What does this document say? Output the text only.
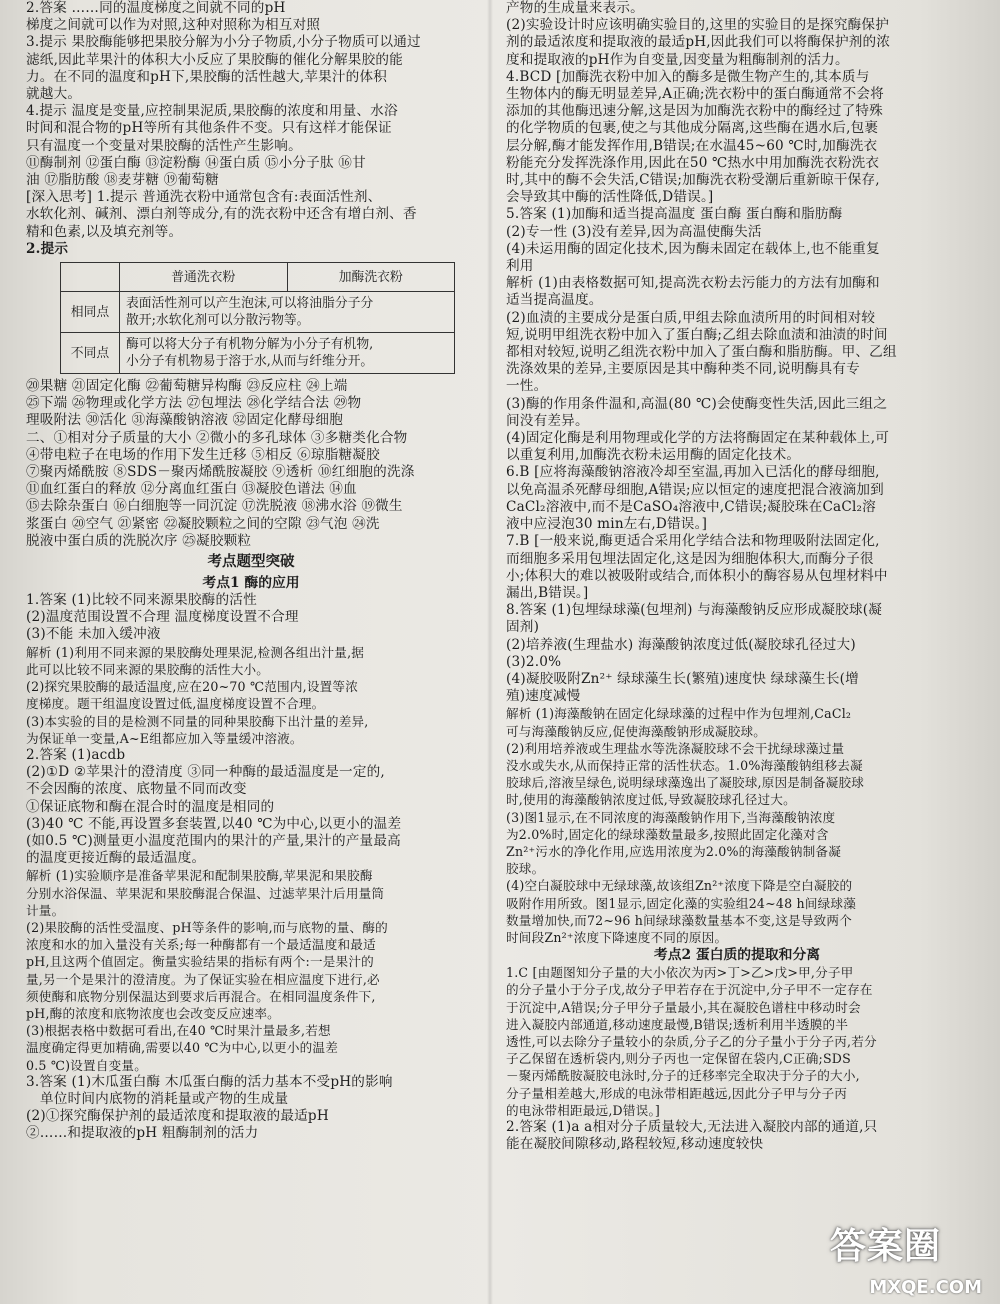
2.答案 ……同的温度梯度之间就不同的pH
梯度之间就可以作为对照,这种对照称为相互对照
3.提示 果胶酶能够把果胶分解为小分子物质,小分子物质可以通过
滤纸,因此苹果汁的体积大小反应了果胶酶的催化分解果胶的能
力。在不同的温度和pH下,果胶酶的活性越大,苹果汁的体积
就越大。
4.提示 温度是变量,应控制果泥质,果胶酶的浓度和用量、水浴
时间和混合物的pH等所有其他条件不变。只有这样才能保证
只有温度一个变量对果胶酶的活性产生影响。
⑪酶制剂 ⑫蛋白酶 ⑬淀粉酶 ⑭蛋白质 ⑮小分子肽 ⑯甘
油 ⑰脂肪酸 ⑱麦芽糖 ⑲葡萄糖
[深入思考] 1.提示 普通洗衣粉中通常包含有:表面活性剂、
水软化剂、碱剂、漂白剂等成分,有的洗衣粉中还含有增白剂、香
精和色素,以及填充剂等。
2.提示
	普通洗衣粉	加酶洗衣粉
相同点	表面活性剂可以产生泡沫,可以将油脂分子分
散开;水软化剂可以分散污物等。	

不同点	酶可以将大分子有机物分解为小分子有机物,
小分子有机物易于溶于水,从而与纤维分开。	
⑳果糖 ㉑固定化酶 ㉒葡萄糖异构酶 ㉓反应柱 ㉔上端
㉕下端 ㉖物理或化学方法 ㉗包埋法 ㉘化学结合法 ㉙物
理吸附法 ㉚活化 ㉛海藻酸钠溶液 ㉜固定化酵母细胞
二、①相对分子质量的大小 ②微小的多孔球体 ③多糖类化合物
④带电粒子在电场的作用下发生迁移 ⑤相反 ⑥琼脂糖凝胶
⑦聚丙烯酰胺 ⑧SDS－聚丙烯酰胺凝胶 ⑨透析 ⑩红细胞的洗涤
⑪血红蛋白的释放 ⑫分离血红蛋白 ⑬凝胶色谱法 ⑭血
⑮去除杂蛋白 ⑯白细胞等一同沉淀 ⑰洗脱液 ⑱沸水浴 ⑲微生
浆蛋白 ⑳空气 ㉑紧密 ㉒凝胶颗粒之间的空隙 ㉓气泡 ㉔洗
脱液中蛋白质的洗脱次序 ㉕凝胶颗粒
考点题型突破
考点1 酶的应用
1.答案 (1)比较不同来源果胶酶的活性
(2)温度范围设置不合理 温度梯度设置不合理
(3)不能 未加入缓冲液
解析 (1)利用不同来源的果胶酶处理果泥,检测各组出汁量,据
此可以比较不同来源的果胶酶的活性大小。
(2)探究果胶酶的最适温度,应在20~70 ℃范围内,设置等浓
度梯度。题干组温度设置过低,温度梯度设置不合理。
(3)本实验的目的是检测不同量的同种果胶酶下出汁量的差异,
为保证单一变量,A~E组都应加入等量缓冲溶液。
2.答案 (1)acdb
(2)①D ②苹果汁的澄清度 ③同一种酶的最适温度是一定的,
不会因酶的浓度、底物量不同而改变
①保证底物和酶在混合时的温度是相同的
(3)40 ℃ 不能,再设置多套装置,以40 ℃为中心,以更小的温差
(如0.5 ℃)测量更小温度范围内的果汁的产量,果汁的产量最高
的温度更接近酶的最适温度。
解析 (1)实验顺序是准备苹果泥和配制果胶酶,苹果泥和果胶酶
分别水浴保温、苹果泥和果胶酶混合保温、过滤苹果汁后用量筒
计量。
(2)果胶酶的活性受温度、pH等条件的影响,而与底物的量、酶的
浓度和水的加入量没有关系;每一种酶都有一个最适温度和最适
pH,且这两个值固定。衡量实验结果的指标有两个:一是果汁的
量,另一个是果汁的澄清度。为了保证实验在相应温度下进行,必
须使酶和底物分别保温达到要求后再混合。在相同温度条件下,
pH,酶的浓度和底物浓度也会改变反应速率。
(3)根据表格中数据可看出,在40 ℃时果汁量最多,若想
温度确定得更加精确,需要以40 ℃为中心,以更小的温差
0.5 ℃)设置自变量。
3.答案 (1)木瓜蛋白酶 木瓜蛋白酶的活力基本不受pH的影响
单位时间内底物的消耗量或产物的生成量
(2)①探究酶保护剂的最适浓度和提取液的最适pH
②……和提取液的pH 粗酶制剂的活力
产物的生成量来表示。
(2)实验设计时应该明确实验目的,这里的实验目的是探究酶保护
剂的最适浓度和提取液的最适pH,因此我们可以将酶保护剂的浓
度和提取液的pH作为自变量,因变量为粗酶制剂的活力。
4.BCD [加酶洗衣粉中加入的酶多是微生物产生的,其本质与
生物体内的酶无明显差异,A正确;洗衣粉中的蛋白酶通常不会将
添加的其他酶迅速分解,这是因为加酶洗衣粉中的酶经过了特殊
的化学物质的包裹,使之与其他成分隔离,这些酶在遇水后,包裹
层分解,酶才能发挥作用,B错误;在水温45~60 ℃时,加酶洗衣
粉能充分发挥洗涤作用,因此在50 ℃热水中用加酶洗衣粉洗衣
时,其中的酶不会失活,C错误;加酶洗衣粉受潮后重新晾干保存,
会导致其中酶的活性降低,D错误。]
5.答案 (1)加酶和适当提高温度 蛋白酶 蛋白酶和脂肪酶
(2)专一性 (3)没有差异,因为高温使酶失活
(4)未运用酶的固定化技术,因为酶未固定在载体上,也不能重复
利用
解析 (1)由表格数据可知,提高洗衣粉去污能力的方法有加酶和
适当提高温度。
(2)血渍的主要成分是蛋白质,甲组去除血渍所用的时间相对较
短,说明甲组洗衣粉中加入了蛋白酶;乙组去除血渍和油渍的时间
都相对较短,说明乙组洗衣粉中加入了蛋白酶和脂肪酶。甲、乙组
洗涤效果的差异,主要原因是其中酶种类不同,说明酶具有专
一性。
(3)酶的作用条件温和,高温(80 ℃)会使酶变性失活,因此三组之
间没有差异。
(4)固定化酶是利用物理或化学的方法将酶固定在某种载体上,可
以重复利用,加酶洗衣粉未运用酶的固定化技术。
6.B [应将海藻酸钠溶液冷却至室温,再加入已活化的酵母细胞,
以免高温杀死酵母细胞,A错误;应以恒定的速度把混合液滴加到
CaCl₂溶液中,而不是CaSO₄溶液中,C错误;凝胶珠在CaCl₂溶
液中应浸泡30 min左右,D错误。]
7.B [一般来说,酶更适合采用化学结合法和物理吸附法固定化,
而细胞多采用包埋法固定化,这是因为细胞体积大,而酶分子很
小;体积大的难以被吸附或结合,而体积小的酶容易从包埋材料中
漏出,B错误。]
8.答案 (1)包埋绿球藻(包埋剂) 与海藻酸钠反应形成凝胶球(凝
固剂)
(2)培养液(生理盐水) 海藻酸钠浓度过低(凝胶球孔径过大)
(3)2.0%
(4)凝胶吸附Zn²⁺ 绿球藻生长(繁殖)速度快 绿球藻生长(增
殖)速度减慢
解析 (1)海藻酸钠在固定化绿球藻的过程中作为包埋剂,CaCl₂
可与海藻酸钠反应,促使海藻酸钠形成凝胶球。
(2)利用培养液或生理盐水等洗涤凝胶球不会干扰绿球藻过量
没水或失水,从而保持正常的活性状态。1.0%海藻酸钠组移去凝
胶球后,溶液呈绿色,说明绿球藻逸出了凝胶球,原因是制备凝胶球
时,使用的海藻酸钠浓度过低,导致凝胶球孔径过大。
(3)图1显示,在不同浓度的海藻酸钠作用下,当海藻酸钠浓度
为2.0%时,固定化的绿球藻数量最多,按照此固定化藻对含
Zn²⁺污水的净化作用,应选用浓度为2.0%的海藻酸钠制备凝
胶球。
(4)空白凝胶球中无绿球藻,故该组Zn²⁺浓度下降是空白凝胶的
吸附作用所致。图1显示,固定化藻的实验组24~48 h间绿球藻
数量增加快,而72~96 h间绿球藻数量基本不变,这是导致两个
时间段Zn²⁺浓度下降速度不同的原因。
考点2 蛋白质的提取和分离
1.C [由题图知分子量的大小依次为丙>丁>乙>戊>甲,分子甲
的分子量小于分子戊,故分子甲若存在于沉淀中,分子甲不一定存在
于沉淀中,A错误;分子甲分子量最小,其在凝胶色谱柱中移动时会
进入凝胶内部通道,移动速度最慢,B错误;透析利用半透膜的半
透性,可以去除分子量较小的杂质,分子乙的分子量小于分子丙,若分
子乙保留在透析袋内,则分子丙也一定保留在袋内,C正确;SDS
－聚丙烯酰胺凝胶电泳时,分子的迁移率完全取决于分子的大小,
分子量相差越大,形成的电泳带相距越远,因此分子甲与分子丙
的电泳带相距最远,D错误。]
2.答案 (1)a a相对分子质量较大,无法进入凝胶内部的通道,只
能在凝胶间隙移动,路程较短,移动速度较快
答案圈
MXQE.COM
